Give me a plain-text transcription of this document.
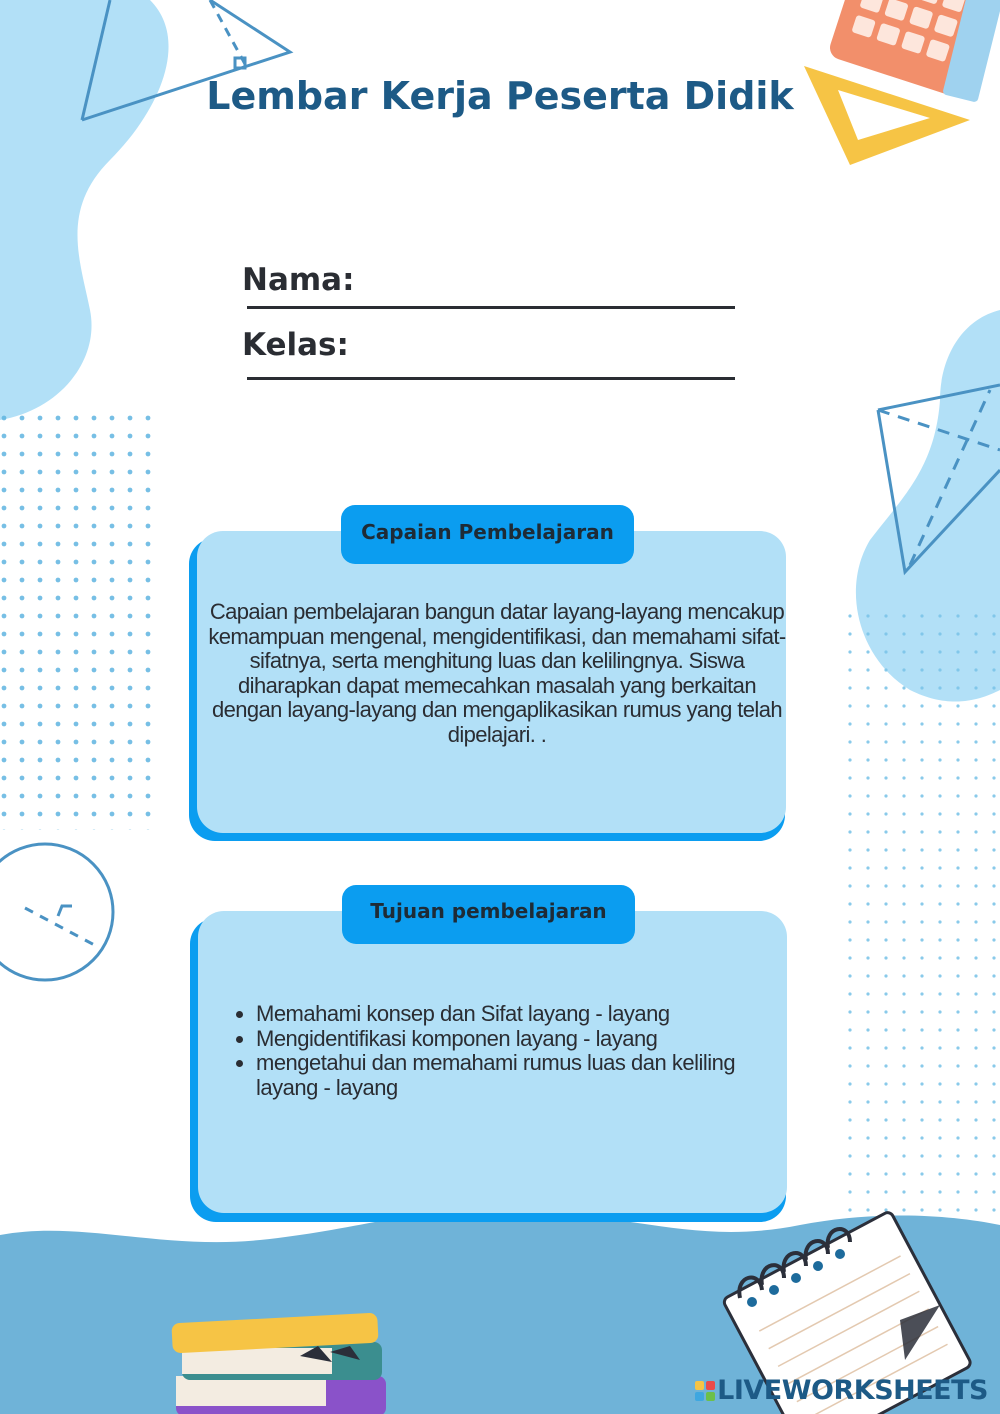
Lembar Kerja Peserta Didik
Nama:
Kelas:
Capaian Pembelajaran
Capaian pembelajaran bangun datar layang-layang mencakup kemampuan mengenal, mengidentifikasi, dan memahami sifat-sifatnya, serta menghitung luas dan kelilingnya. Siswa diharapkan dapat memecahkan masalah yang berkaitan dengan layang-layang dan mengaplikasikan rumus yang telah dipelajari. .
Tujuan pembelajaran
• Memahami konsep dan Sifat layang - layang
• Mengidentifikasi komponen layang - layang
• mengetahui dan memahami rumus luas dan keliling layang - layang
LIVEWORKSHEETS
